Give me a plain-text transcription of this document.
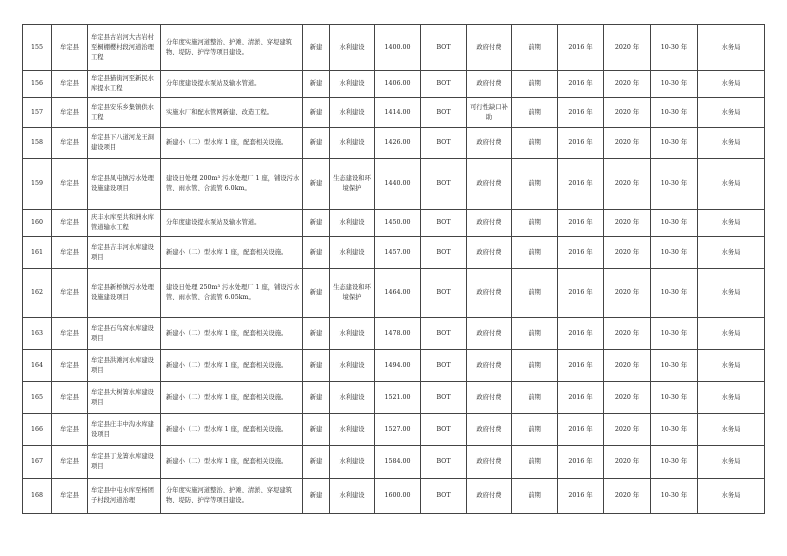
155	牟定县	牟定县古岩河大古岩村至桐棚樱村段河道治理工程	分年度实施河道整治、护滩、清淤、穿堤建筑物、堤防、护岸等项目建设。	新建	水利建设	1400.00	BOT	政府付费	前期	2016 年	2020 年	10-30 年	水务局
156	牟定县	牟定县猫街河至新民水库提水工程	分年度建设提水泵站及输水管道。	新建	水利建设	1406.00	BOT	政府付费	前期	2016 年	2020 年	10-30 年	水务局
157	牟定县	牟定县安乐乡集镇供水工程	实施水厂和配水管网新建、改造工程。	新建	水利建设	1414.00	BOT	可行性缺口补助	前期	2016 年	2020 年	10-30 年	水务局
158	牟定县	牟定县下八道河龙王洞建设项目	新建小（二）型水库 1 座，配套相关设施。	新建	水利建设	1426.00	BOT	政府付费	前期	2016 年	2020 年	10-30 年	水务局
159	牟定县	牟定县凤屯镇污水处理设施建设项目	建设日处理 200m³ 污水处理厂 1 座，铺设污水管、雨水管、合流管 6.0km。	新建	生态建设和环境保护	1440.00	BOT	政府付费	前期	2016 年	2020 年	10-30 年	水务局
160	牟定县	庆丰水库至共和洲水库管道输水工程	分年度建设提水泵站及输水管道。	新建	水利建设	1450.00	BOT	政府付费	前期	2016 年	2020 年	10-30 年	水务局
161	牟定县	牟定县吉丰河水库建设项目	新建小（二）型水库 1 座，配套相关设施。	新建	水利建设	1457.00	BOT	政府付费	前期	2016 年	2020 年	10-30 年	水务局
162	牟定县	牟定县新桥镇污水处理设施建设项目	建设日处理 250m³ 污水处理厂 1 座，铺设污水管、雨水管、合流管 6.05km。	新建	生态建设和环境保护	1464.00	BOT	政府付费	前期	2016 年	2020 年	10-30 年	水务局
163	牟定县	牟定县石鸟窝水库建设项目	新建小（二）型水库 1 座，配套相关设施。	新建	水利建设	1478.00	BOT	政府付费	前期	2016 年	2020 年	10-30 年	水务局
164	牟定县	牟定县洪滩河水库建设项目	新建小（二）型水库 1 座，配套相关设施。	新建	水利建设	1494.00	BOT	政府付费	前期	2016 年	2020 年	10-30 年	水务局
165	牟定县	牟定县大树箐水库建设项目	新建小（二）型水库 1 座，配套相关设施。	新建	水利建设	1521.00	BOT	政府付费	前期	2016 年	2020 年	10-30 年	水务局
166	牟定县	牟定县庄丰中沟水库建设项目	新建小（二）型水库 1 座，配套相关设施。	新建	水利建设	1527.00	BOT	政府付费	前期	2016 年	2020 年	10-30 年	水务局
167	牟定县	牟定县丁龙箐水库建设项目	新建小（二）型水库 1 座，配套相关设施。	新建	水利建设	1584.00	BOT	政府付费	前期	2016 年	2020 年	10-30 年	水务局
168	牟定县	牟定县中屯水库至杨团子村段河道治理	分年度实施河道整治、护滩、清淤、穿堤建筑物、堤防、护岸等项目建设。	新建	水利建设	1600.00	BOT	政府付费	前期	2016 年	2020 年	10-30 年	水务局
